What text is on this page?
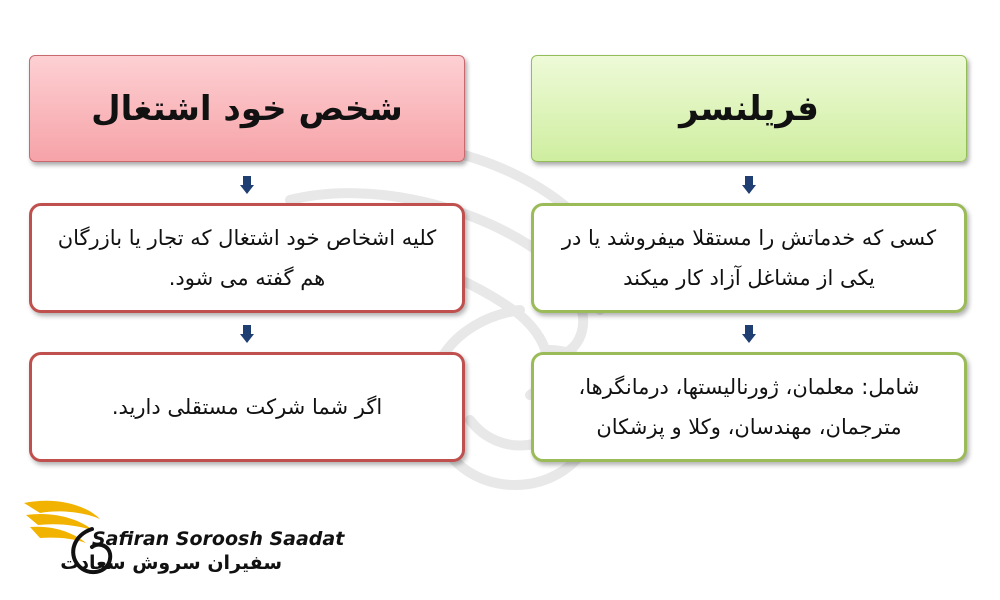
شخص خود اشتغال	فریلنسر
کلیه اشخاص خود اشتغال که تجار یا بازرگان هم گفته می شود.
اگر شما شرکت مستقلی دارید.
کسی که خدماتش را مستقلا میفروشد یا در یکی از مشاغل آزاد کار میکند
شامل: معلمان، ژورنالیستها، درمانگرها، مترجمان، مهندسان، وکلا و پزشکان
Safiran Soroosh Saadat
سفیران سروش سعادت
